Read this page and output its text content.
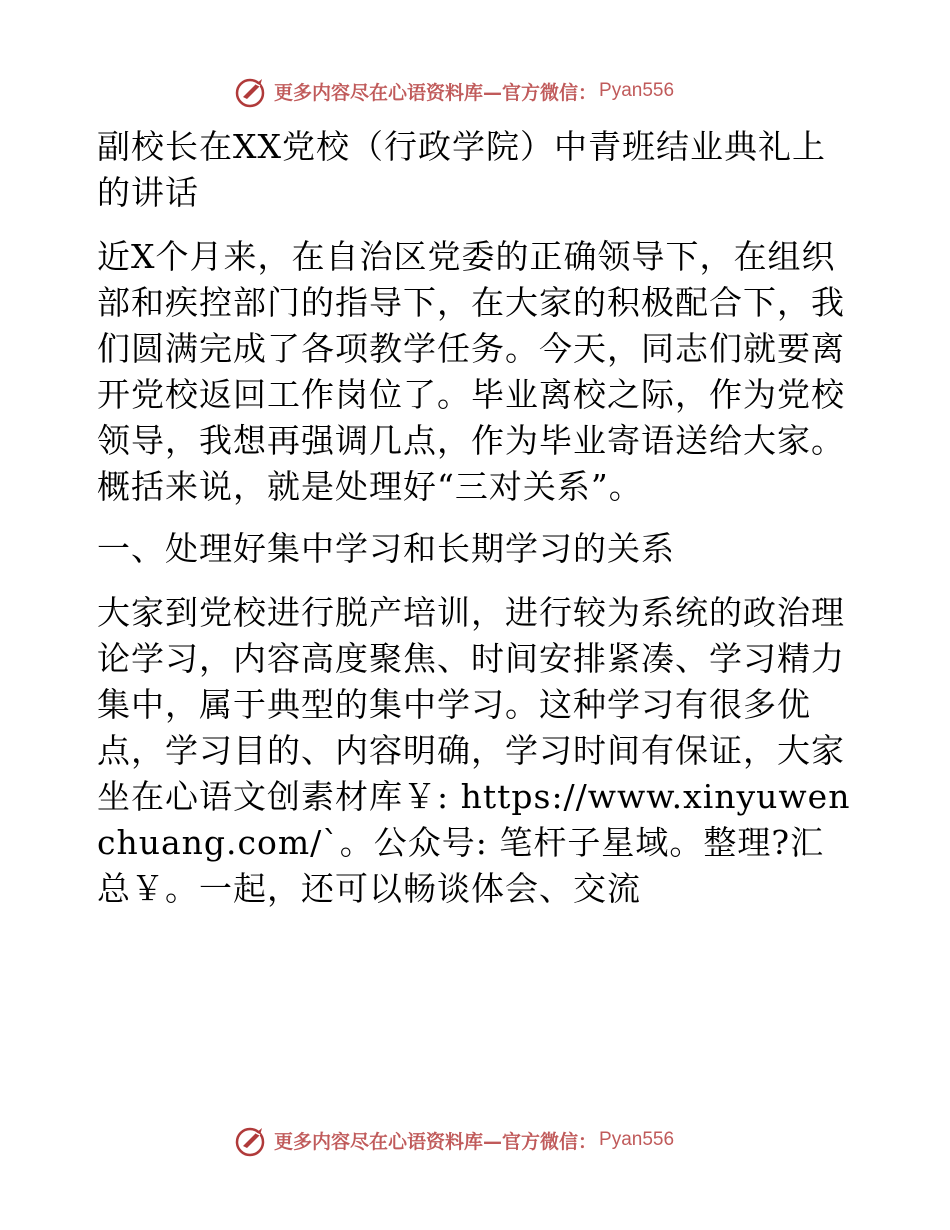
更多内容尽在心语资料库—官方微信： Pyan556

副校长在XX党校（行政学院）中青班结业典礼上的讲话

近X个月来，在自治区党委的正确领导下，在组织部和疾控部门的指导下，在大家的积极配合下，我们圆满完成了各项教学任务。今天，同志们就要离开党校返回工作岗位了。毕业离校之际，作为党校领导，我想再强调几点，作为毕业寄语送给大家。概括来说，就是处理好“三对关系”。

一、处理好集中学习和长期学习的关系

大家到党校进行脱产培训，进行较为系统的政治理论学习，内容高度聚焦、时间安排紧凑、学习精力集中，属于典型的集中学习。这种学习有很多优点，学习目的、内容明确，学习时间有保证，大家坐在心语文创素材库￥: https://www.xinyuwenchuang.com/`。公众号: 笔杆子星域。整理?汇总￥。一起，还可以畅谈体会、交流

更多内容尽在心语资料库—官方微信： Pyan556
